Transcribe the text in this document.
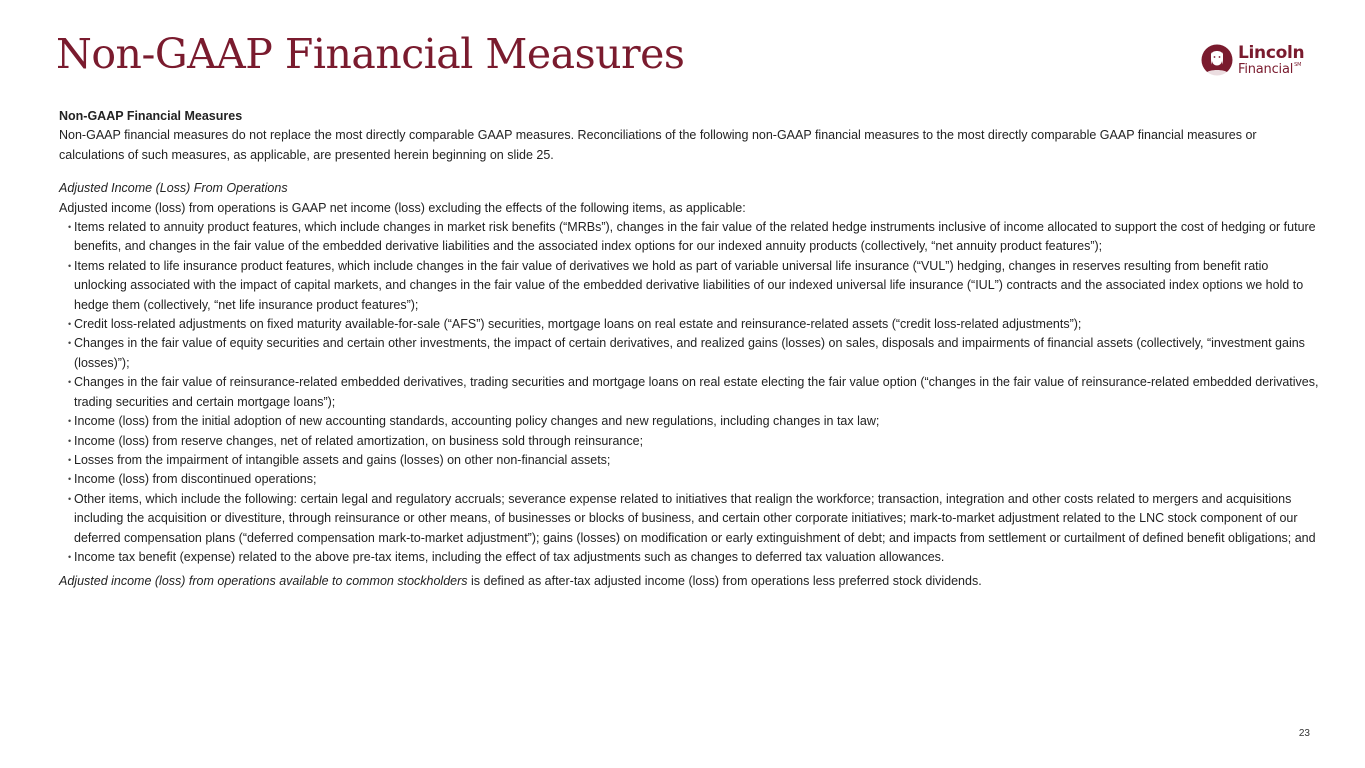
Non-GAAP Financial Measures	Lincoln
Financial℠

Non-GAAP Financial Measures

Non-GAAP financial measures do not replace the most directly comparable GAAP measures. Reconciliations of the following non-GAAP financial measures to the most directly comparable GAAP financial measures or calculations of such measures, as applicable, are presented herein beginning on slide 25.

Adjusted Income (Loss) From Operations

Adjusted income (loss) from operations is GAAP net income (loss) excluding the effects of the following items, as applicable:

• Items related to annuity product features, which include changes in market risk benefits (“MRBs”), changes in the fair value of the related hedge instruments inclusive of income allocated to support the cost of hedging or future benefits, and changes in the fair value of the embedded derivative liabilities and the associated index options for our indexed annuity products (collectively, “net annuity product features”);
• Items related to life insurance product features, which include changes in the fair value of derivatives we hold as part of variable universal life insurance (“VUL”) hedging, changes in reserves resulting from benefit ratio unlocking associated with the impact of capital markets, and changes in the fair value of the embedded derivative liabilities of our indexed universal life insurance (“IUL”) contracts and the associated index options we hold to hedge them (collectively, “net life insurance product features”);
• Credit loss-related adjustments on fixed maturity available-for-sale (“AFS”) securities, mortgage loans on real estate and reinsurance-related assets (“credit loss-related adjustments”);
• Changes in the fair value of equity securities and certain other investments, the impact of certain derivatives, and realized gains (losses) on sales, disposals and impairments of financial assets (collectively, “investment gains (losses)”);
• Changes in the fair value of reinsurance-related embedded derivatives, trading securities and mortgage loans on real estate electing the fair value option (“changes in the fair value of reinsurance-related embedded derivatives, trading securities and certain mortgage loans”);
• Income (loss) from the initial adoption of new accounting standards, accounting policy changes and new regulations, including changes in tax law;
• Income (loss) from reserve changes, net of related amortization, on business sold through reinsurance;
• Losses from the impairment of intangible assets and gains (losses) on other non-financial assets;
• Income (loss) from discontinued operations;
• Other items, which include the following: certain legal and regulatory accruals; severance expense related to initiatives that realign the workforce; transaction, integration and other costs related to mergers and acquisitions including the acquisition or divestiture, through reinsurance or other means, of businesses or blocks of business, and certain other corporate initiatives; mark-to-market adjustment related to the LNC stock component of our deferred compensation plans (“deferred compensation mark-to-market adjustment”); gains (losses) on modification or early extinguishment of debt; and impacts from settlement or curtailment of defined benefit obligations; and
• Income tax benefit (expense) related to the above pre-tax items, including the effect of tax adjustments such as changes to deferred tax valuation allowances.

Adjusted income (loss) from operations available to common stockholders is defined as after-tax adjusted income (loss) from operations less preferred stock dividends.

23
